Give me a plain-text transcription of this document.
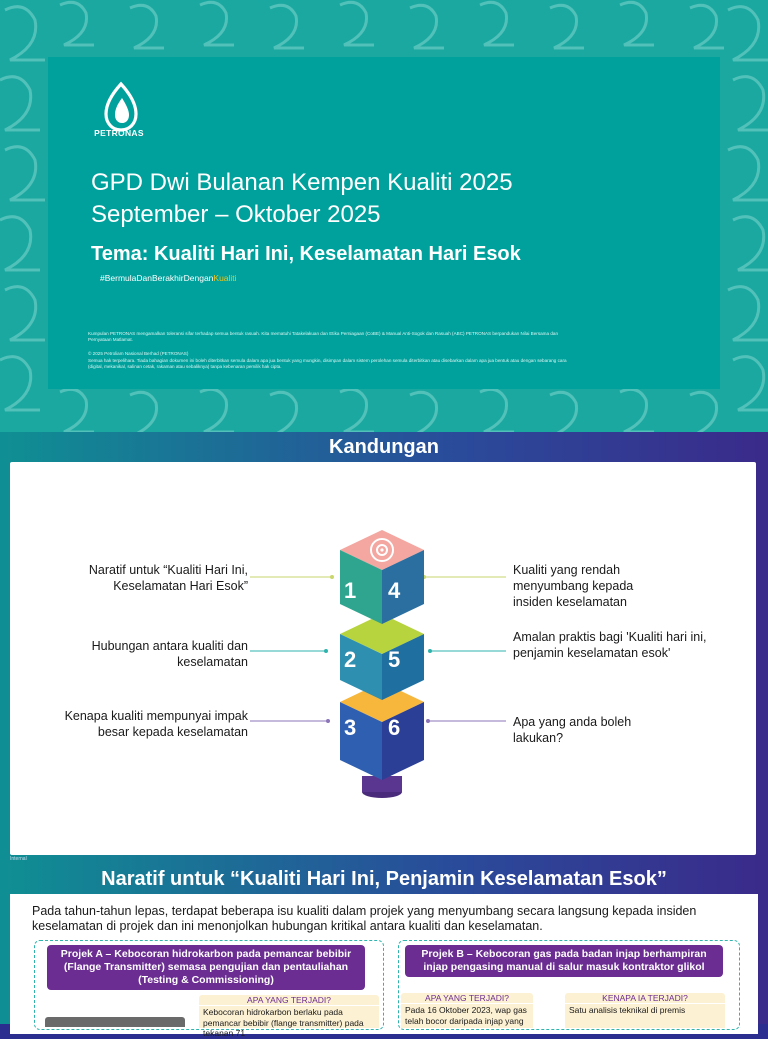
PETRONAS
GPD Dwi Bulanan Kempen Kualiti 2025
September – Oktober 2025
Tema: Kualiti Hari Ini, Keselamatan Hari Esok
#BermulaDanBerakhirDenganKualiti
Kumpulan PETRONAS mengamalkan toleransi sifar terhadap semua bentuk rasuah. Kita mematuhi Tatakelakuan dan Etika Perniagaan (CoBE) & Manual Anti-Sogok dan Rasuah (ABC) PETRONAS berpandukan Nilai Bersama dan Pernyataan Matlamat.
© 2025 Petroliam Nasional Berhad (PETRONAS)
Semua hak terpelihara. Tiada bahagian dokumen ini boleh diterbitkan semula dalam apa jua bentuk yang mungkin, disimpan dalam sistem perolehan semula diterbitkan atau disebarkan dalam apa jua bentuk atau dengan sebarang cara (digital, mekanikal, salinan cetak, rakaman atau sebaliknya) tanpa kebenaran pemilik hak cipta.
Kandungan
1 4
2 5
3 6
Naratif untuk “Kualiti Hari Ini, Keselamatan Hari Esok”
Hubungan antara kualiti dan keselamatan
Kenapa kualiti mempunyai impak besar kepada keselamatan
Kualiti yang rendah menyumbang kepada insiden keselamatan
Amalan praktis bagi 'Kualiti hari ini, penjamin keselamatan esok'
Apa yang anda boleh lakukan?
Internal
Naratif untuk “Kualiti Hari Ini, Penjamin Keselamatan Esok”
Pada tahun-tahun lepas, terdapat beberapa isu kualiti dalam projek yang menyumbang secara langsung kepada insiden keselamatan di projek dan ini menonjolkan hubungan kritikal antara kualiti dan keselamatan.
Projek A – Kebocoran hidrokarbon pada pemancar bebibir (Flange Transmitter) semasa pengujian dan pentauliahan (Testing & Commissioning)
APA YANG TERJADI?
Kebocoran hidrokarbon berlaku pada pemancar bebibir (flange transmitter) pada tekanan 71
Projek B – Kebocoran gas pada badan injap berhampiran injap pengasing manual di salur masuk kontraktor glikol
APA YANG TERJADI?
Pada 16 Oktober 2023, wap gas telah bocor daripada injap yang
KENAPA IA TERJADI?
Satu analisis teknikal di premis
